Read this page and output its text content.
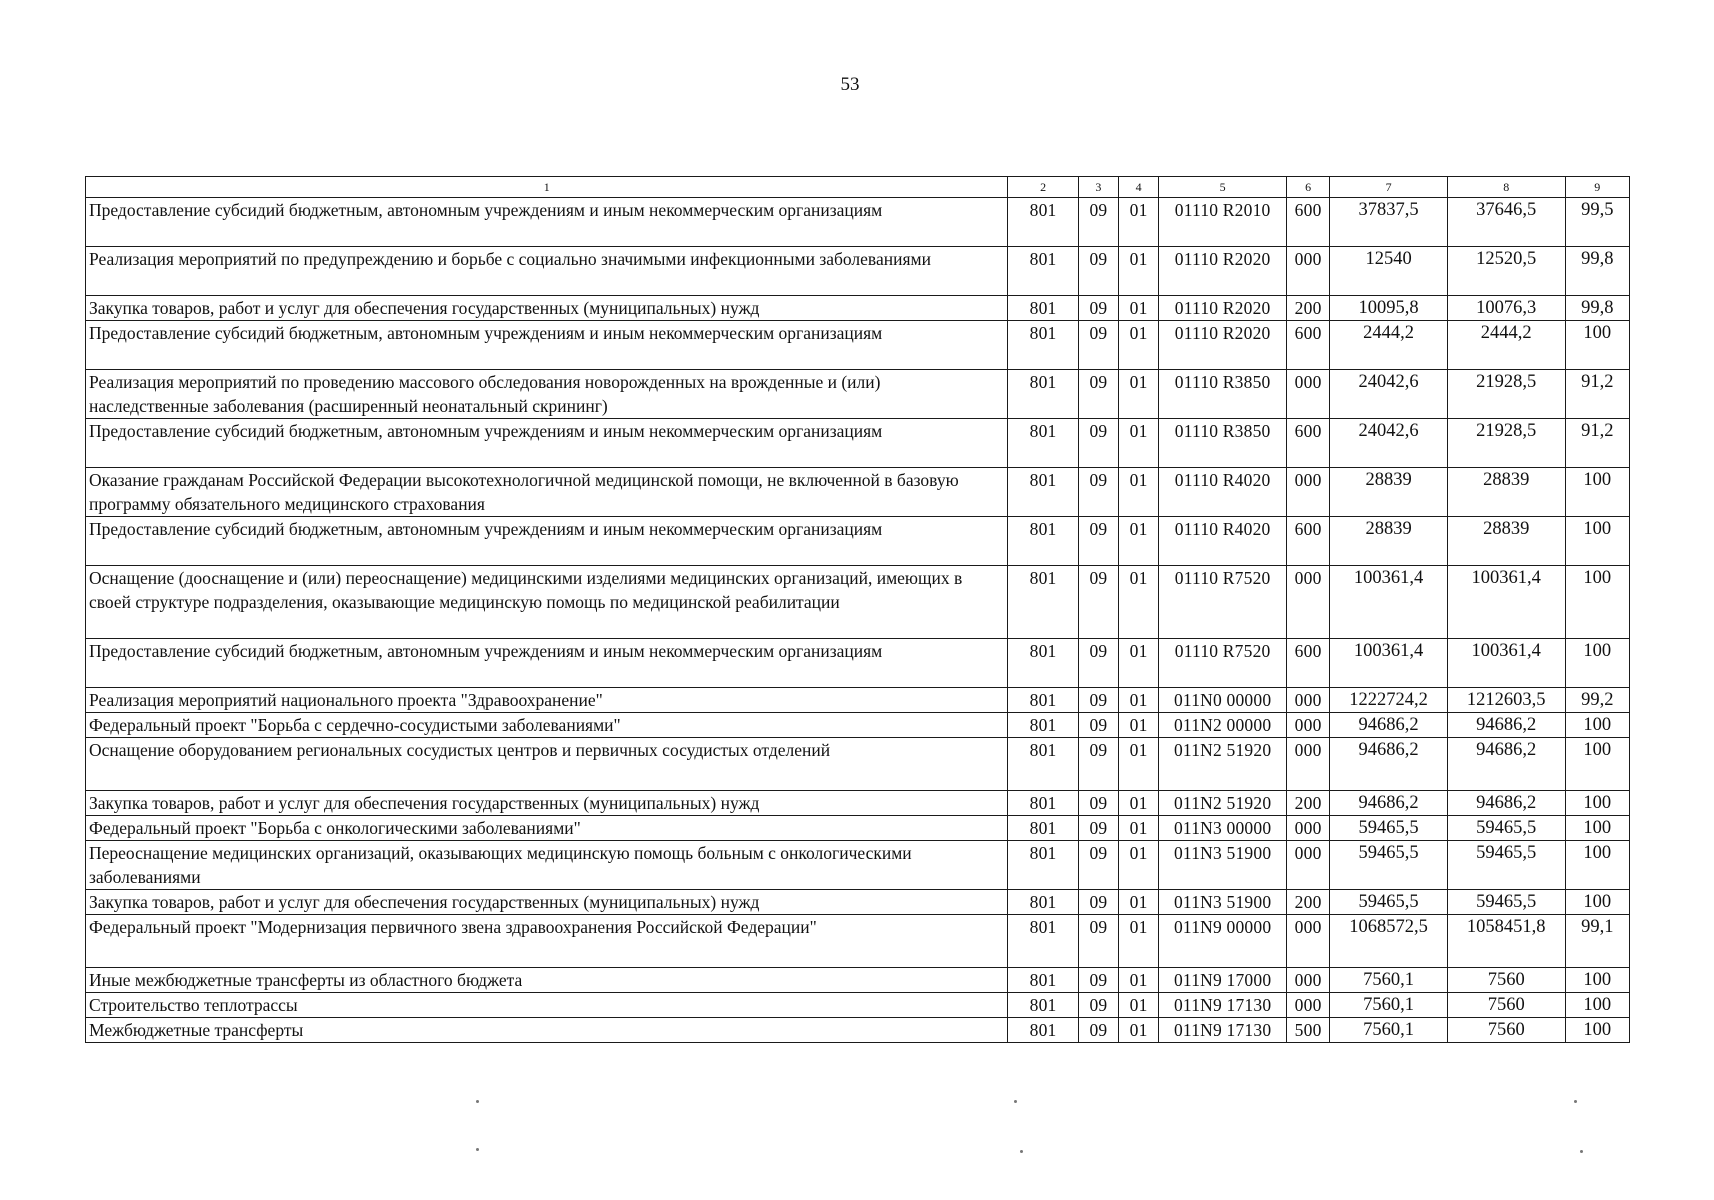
53
1	2	3	4	5	6	7	8	9
Предоставление субсидий бюджетным, автономным учреждениям и иным некоммерческим организациям	801	09	01	01110 R2010	600	37837,5	37646,5	99,5
Реализация мероприятий по предупреждению и борьбе с социально значимыми инфекционными заболеваниями	801	09	01	01110 R2020	000	12540	12520,5	99,8
Закупка товаров, работ и услуг для обеспечения государственных (муниципальных) нужд	801	09	01	01110 R2020	200	10095,8	10076,3	99,8
Предоставление субсидий бюджетным, автономным учреждениям и иным некоммерческим организациям	801	09	01	01110 R2020	600	2444,2	2444,2	100
Реализация мероприятий по проведению массового обследования новорожденных на врожденные и (или) наследственные заболевания (расширенный неонатальный скрининг)	801	09	01	01110 R3850	000	24042,6	21928,5	91,2
Предоставление субсидий бюджетным, автономным учреждениям и иным некоммерческим организациям	801	09	01	01110 R3850	600	24042,6	21928,5	91,2
Оказание гражданам Российской Федерации высокотехнологичной медицинской помощи, не включенной в базовую программу обязательного медицинского страхования	801	09	01	01110 R4020	000	28839	28839	100
Предоставление субсидий бюджетным, автономным учреждениям и иным некоммерческим организациям	801	09	01	01110 R4020	600	28839	28839	100
Оснащение (дооснащение и (или) переоснащение) медицинскими изделиями медицинских организаций, имеющих в своей структуре подразделения, оказывающие медицинскую помощь по медицинской реабилитации	801	09	01	01110 R7520	000	100361,4	100361,4	100
Предоставление субсидий бюджетным, автономным учреждениям и иным некоммерческим организациям	801	09	01	01110 R7520	600	100361,4	100361,4	100
Реализация мероприятий национального проекта "Здравоохранение"	801	09	01	011N0 00000	000	1222724,2	1212603,5	99,2
Федеральный проект "Борьба с сердечно-сосудистыми заболеваниями"	801	09	01	011N2 00000	000	94686,2	94686,2	100
Оснащение оборудованием региональных сосудистых центров и первичных сосудистых отделений	801	09	01	011N2 51920	000	94686,2	94686,2	100
Закупка товаров, работ и услуг для обеспечения государственных (муниципальных) нужд	801	09	01	011N2 51920	200	94686,2	94686,2	100
Федеральный проект "Борьба с онкологическими заболеваниями"	801	09	01	011N3 00000	000	59465,5	59465,5	100
Переоснащение медицинских организаций, оказывающих медицинскую помощь больным с онкологическими заболеваниями	801	09	01	011N3 51900	000	59465,5	59465,5	100
Закупка товаров, работ и услуг для обеспечения государственных (муниципальных) нужд	801	09	01	011N3 51900	200	59465,5	59465,5	100
Федеральный проект "Модернизация первичного звена здравоохранения Российской Федерации"	801	09	01	011N9 00000	000	1068572,5	1058451,8	99,1
Иные межбюджетные трансферты из областного бюджета	801	09	01	011N9 17000	000	7560,1	7560	100
Строительство теплотрассы	801	09	01	011N9 17130	000	7560,1	7560	100
Межбюджетные трансферты	801	09	01	011N9 17130	500	7560,1	7560	100
